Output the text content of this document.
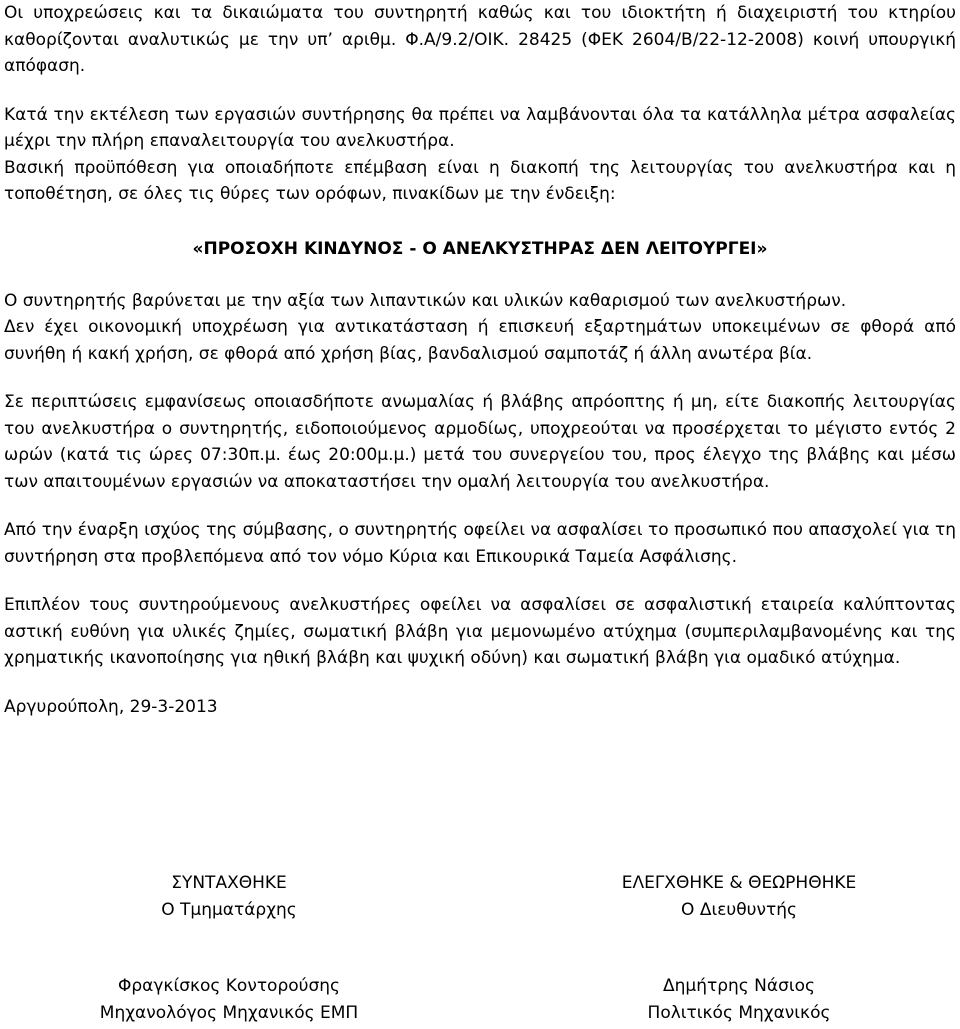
Οι υποχρεώσεις και τα δικαιώματα του συντηρητή καθώς και του ιδιοκτήτη ή διαχειριστή του κτηρίου καθορίζονται αναλυτικώς με την υπ’ αριθμ. Φ.Α/9.2/ΟΙΚ. 28425 (ΦΕΚ 2604/Β/22-12-2008) κοινή υπουργική απόφαση.

Κατά την εκτέλεση των εργασιών συντήρησης θα πρέπει να λαμβάνονται όλα τα κατάλληλα μέτρα ασφαλείας μέχρι την πλήρη επαναλειτουργία του ανελκυστήρα.

Βασική προϋπόθεση για οποιαδήποτε επέμβαση είναι η διακοπή της λειτουργίας του ανελκυστήρα και η τοποθέτηση, σε όλες τις θύρες των ορόφων, πινακίδων με την ένδειξη:

«ΠΡΟΣΟΧΗ ΚΙΝΔΥΝΟΣ - Ο ΑΝΕΛΚΥΣΤΗΡΑΣ ΔΕΝ ΛΕΙΤΟΥΡΓΕΙ»

Ο συντηρητής βαρύνεται με την αξία των λιπαντικών και υλικών καθαρισμού των ανελκυστήρων.

Δεν έχει οικονομική υποχρέωση για αντικατάσταση ή επισκευή εξαρτημάτων υποκειμένων σε φθορά από συνήθη ή κακή χρήση, σε φθορά από χρήση βίας, βανδαλισμού σαμποτάζ ή άλλη ανωτέρα βία.

Σε περιπτώσεις εμφανίσεως οποιασδήποτε ανωμαλίας ή βλάβης απρόοπτης ή μη, είτε διακοπής λειτουργίας του ανελκυστήρα ο συντηρητής, ειδοποιούμενος αρμοδίως, υποχρεούται να προσέρχεται το μέγιστο εντός 2 ωρών (κατά τις ώρες 07:30π.μ. έως 20:00μ.μ.) μετά του συνεργείου του, προς έλεγχο της βλάβης και μέσω των απαιτουμένων εργασιών να αποκαταστήσει την ομαλή λειτουργία του ανελκυστήρα.

Από την έναρξη ισχύος της σύμβασης, ο συντηρητής οφείλει να ασφαλίσει το προσωπικό που απασχολεί για τη συντήρηση στα προβλεπόμενα από τον νόμο Κύρια και Επικουρικά Ταμεία Ασφάλισης.

Επιπλέον τους συντηρούμενους ανελκυστήρες οφείλει να ασφαλίσει σε ασφαλιστική εταιρεία καλύπτοντας αστική ευθύνη για υλικές ζημίες, σωματική βλάβη για μεμονωμένο ατύχημα (συμπεριλαμβανομένης και της χρηματικής ικανοποίησης για ηθική βλάβη και ψυχική οδύνη) και σωματική βλάβη για ομαδικό ατύχημα.

Αργυρούπολη, 29-3-2013

ΣΥΝΤΑΧΘΗΚΕ
Ο Τμηματάρχης
ΕΛΕΓΧΘΗΚΕ & ΘΕΩΡΗΘΗΚΕ
Ο Διευθυντής
Φραγκίσκος Κοντορούσης
Μηχανολόγος Μηχανικός ΕΜΠ
Δημήτρης Νάσιος
Πολιτικός Μηχανικός
